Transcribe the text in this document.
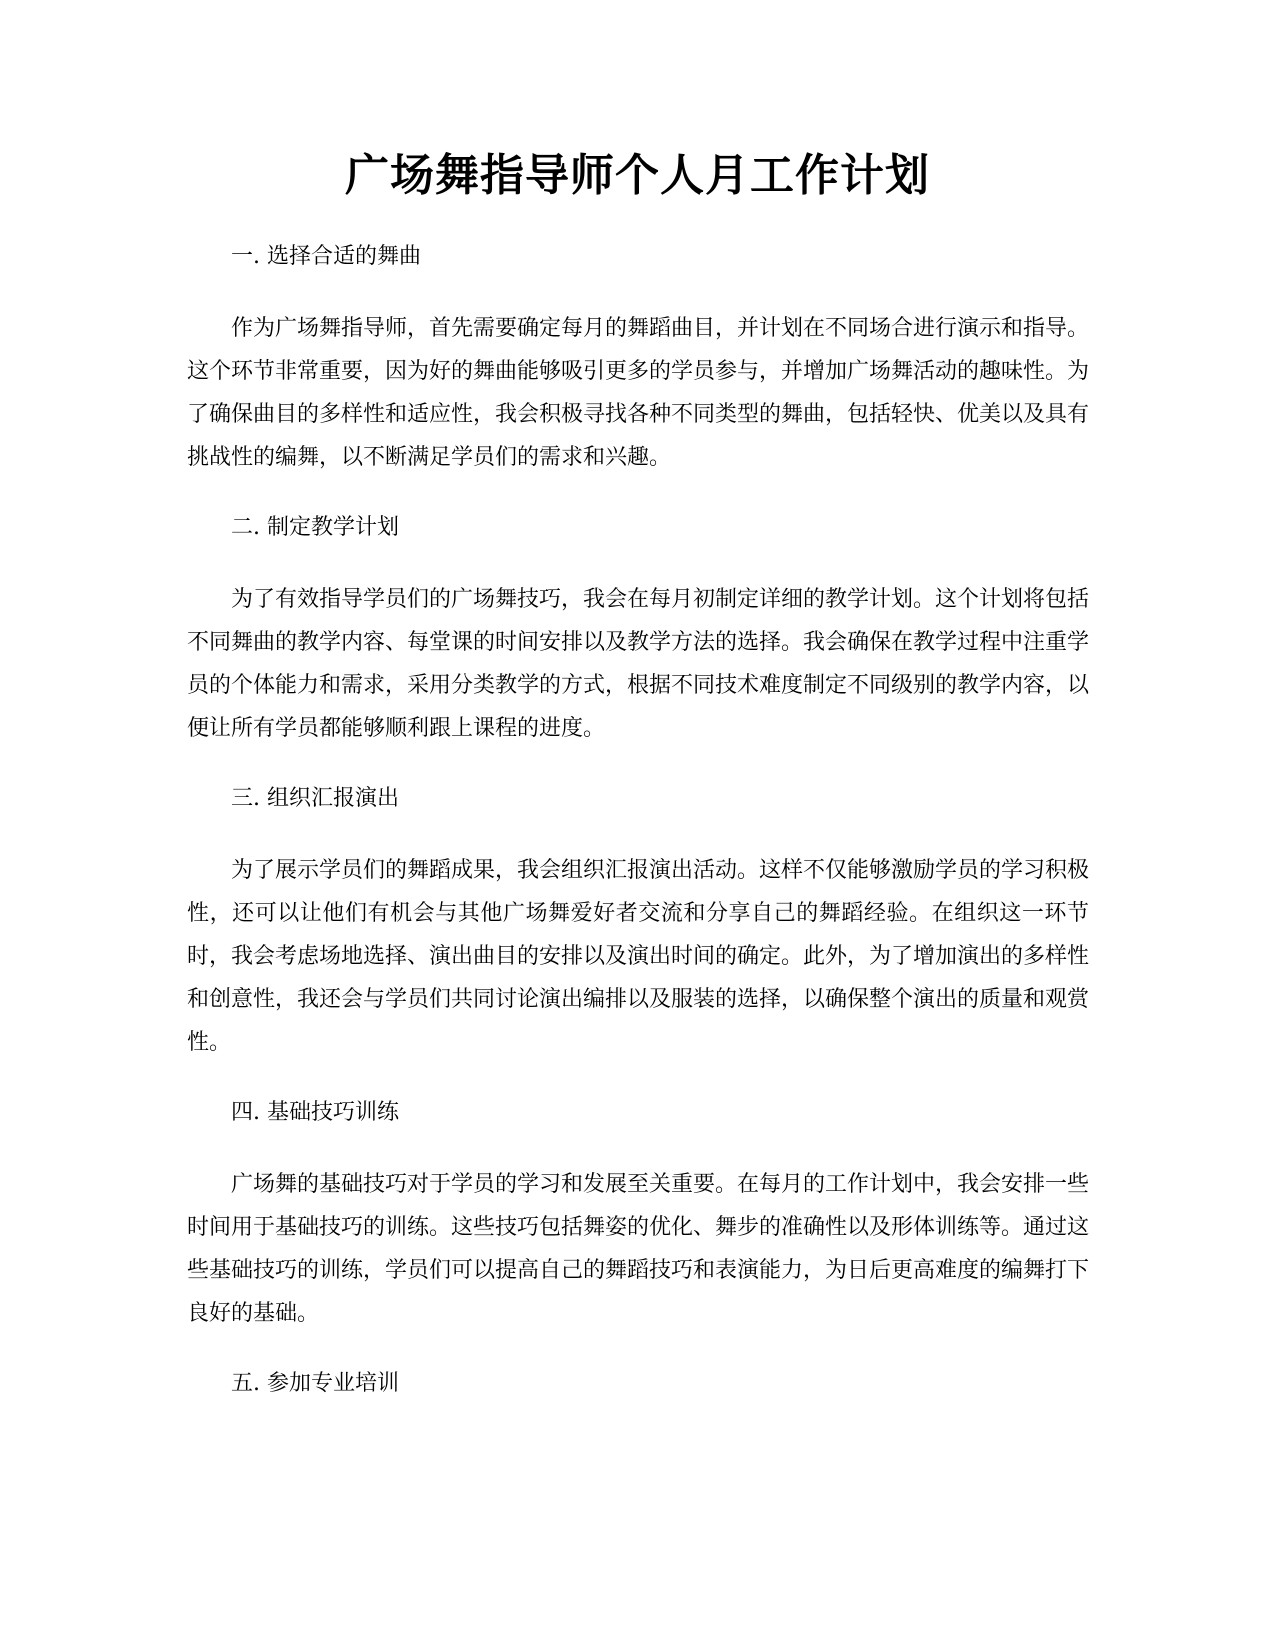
广场舞指导师个人月工作计划
一. 选择合适的舞曲

作为广场舞指导师，首先需要确定每月的舞蹈曲目，并计划在不同场合进行演示和指导。这个环节非常重要，因为好的舞曲能够吸引更多的学员参与，并增加广场舞活动的趣味性。为了确保曲目的多样性和适应性，我会积极寻找各种不同类型的舞曲，包括轻快、优美以及具有挑战性的编舞，以不断满足学员们的需求和兴趣。

二. 制定教学计划

为了有效指导学员们的广场舞技巧，我会在每月初制定详细的教学计划。这个计划将包括不同舞曲的教学内容、每堂课的时间安排以及教学方法的选择。我会确保在教学过程中注重学员的个体能力和需求，采用分类教学的方式，根据不同技术难度制定不同级别的教学内容，以便让所有学员都能够顺利跟上课程的进度。

三. 组织汇报演出

为了展示学员们的舞蹈成果，我会组织汇报演出活动。这样不仅能够激励学员的学习积极性，还可以让他们有机会与其他广场舞爱好者交流和分享自己的舞蹈经验。在组织这一环节时，我会考虑场地选择、演出曲目的安排以及演出时间的确定。此外，为了增加演出的多样性和创意性，我还会与学员们共同讨论演出编排以及服装的选择，以确保整个演出的质量和观赏性。

四. 基础技巧训练

广场舞的基础技巧对于学员的学习和发展至关重要。在每月的工作计划中，我会安排一些时间用于基础技巧的训练。这些技巧包括舞姿的优化、舞步的准确性以及形体训练等。通过这些基础技巧的训练，学员们可以提高自己的舞蹈技巧和表演能力，为日后更高难度的编舞打下良好的基础。

五. 参加专业培训
